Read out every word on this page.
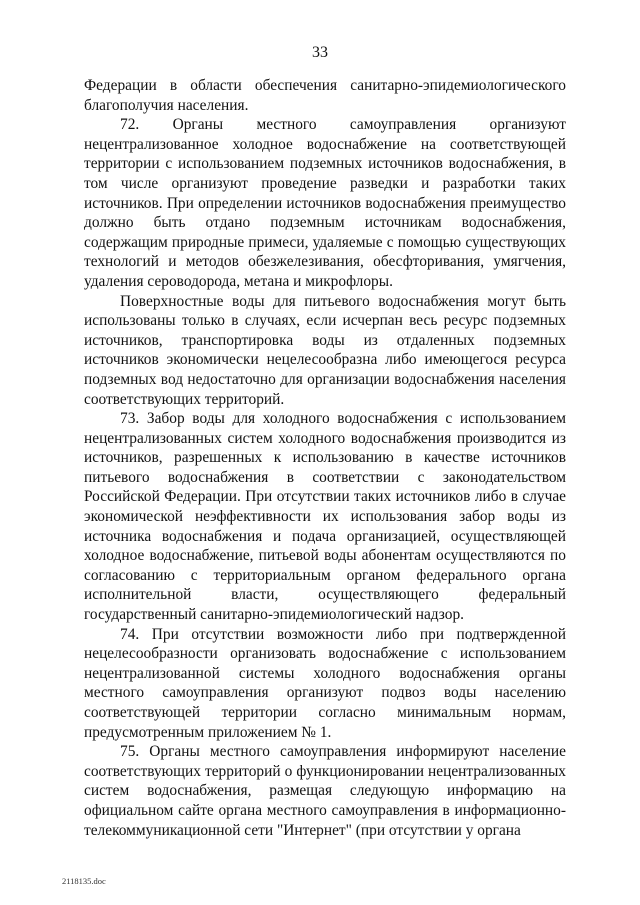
33

Федерации в области обеспечения санитарно-эпидемиологического благополучия населения.

72. Органы местного самоуправления организуют нецентрализованное холодное водоснабжение на соответствующей территории с использованием подземных источников водоснабжения, в том числе организуют проведение разведки и разработки таких источников. При определении источников водоснабжения преимущество должно быть отдано подземным источникам водоснабжения, содержащим природные примеси, удаляемые с помощью существующих технологий и методов обезжелезивания, обесфторивания, умягчения, удаления сероводорода, метана и микрофлоры.

Поверхностные воды для питьевого водоснабжения могут быть использованы только в случаях, если исчерпан весь ресурс подземных источников, транспортировка воды из отдаленных подземных источников экономически нецелесообразна либо имеющегося ресурса подземных вод недостаточно для организации водоснабжения населения соответствующих территорий.

73. Забор воды для холодного водоснабжения с использованием нецентрализованных систем холодного водоснабжения производится из источников, разрешенных к использованию в качестве источников питьевого водоснабжения в соответствии с законодательством Российской Федерации. При отсутствии таких источников либо в случае экономической неэффективности их использования забор воды из источника водоснабжения и подача организацией, осуществляющей холодное водоснабжение, питьевой воды абонентам осуществляются по согласованию с территориальным органом федерального органа исполнительной власти, осуществляющего федеральный государственный санитарно-эпидемиологический надзор.

74. При отсутствии возможности либо при подтвержденной нецелесообразности организовать водоснабжение с использованием нецентрализованной системы холодного водоснабжения органы местного самоуправления организуют подвоз воды населению соответствующей территории согласно минимальным нормам, предусмотренным приложением № 1.

75. Органы местного самоуправления информируют население соответствующих территорий о функционировании нецентрализованных систем водоснабжения, размещая следующую информацию на официальном сайте органа местного самоуправления в информационно-телекоммуникационной сети "Интернет" (при отсутствии у органа

2118135.doc
